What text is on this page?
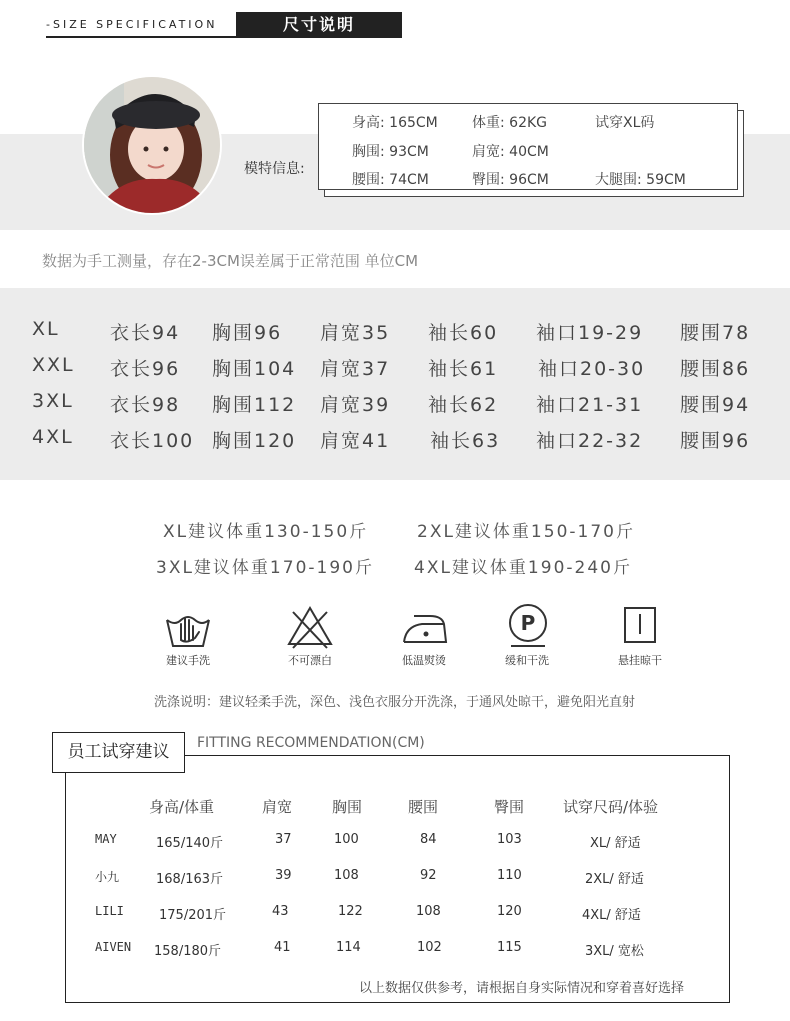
-SIZE SPECIFICATION	尺寸说明
模特信息:
身高: 165CM 体重: 62KG	试穿XL码
胸围: 93CM	肩宽: 40CM
腰围: 74CM	臀围: 96CM	大腿围: 59CM
数据为手工测量，存在2-3CM误差属于正常范围 单位CM
XL	衣长94 胸围96 肩宽35 袖长60 袖口19-29 腰围78
XXL 衣长96 胸围104 肩宽37 袖长61 袖口20-30 腰围86
3XL 衣长98 胸围112 肩宽39 袖长62 袖口21-31 腰围94
4XL 衣长100 胸围120 肩宽41 袖长63 袖口22-32 腰围96
XL建议体重130-150斤	2XL建议体重150-170斤
3XL建议体重170-190斤 4XL建议体重190-240斤
P
建议手洗	不可漂白	低温熨烫	缓和干洗	悬挂晾干
洗涤说明：建议轻柔手洗，深色、浅色衣服分开洗涤，于通风处晾干，避免阳光直射
身高/体重	肩宽	胸围	腰围	臀围	试穿尺码/体验
MAY	165/140斤	37	100	84	103	XL/ 舒适
小九	168/163斤	39	108	92	110	2XL/ 舒适
LILI	175/201斤	43	122	108	120	4XL/ 舒适
AIVEN 158/180斤	41	114	102	115	3XL/ 宽松
员工试穿建议	FITTING RECOMMENDATION(CM)
以上数据仅供参考，请根据自身实际情况和穿着喜好选择
